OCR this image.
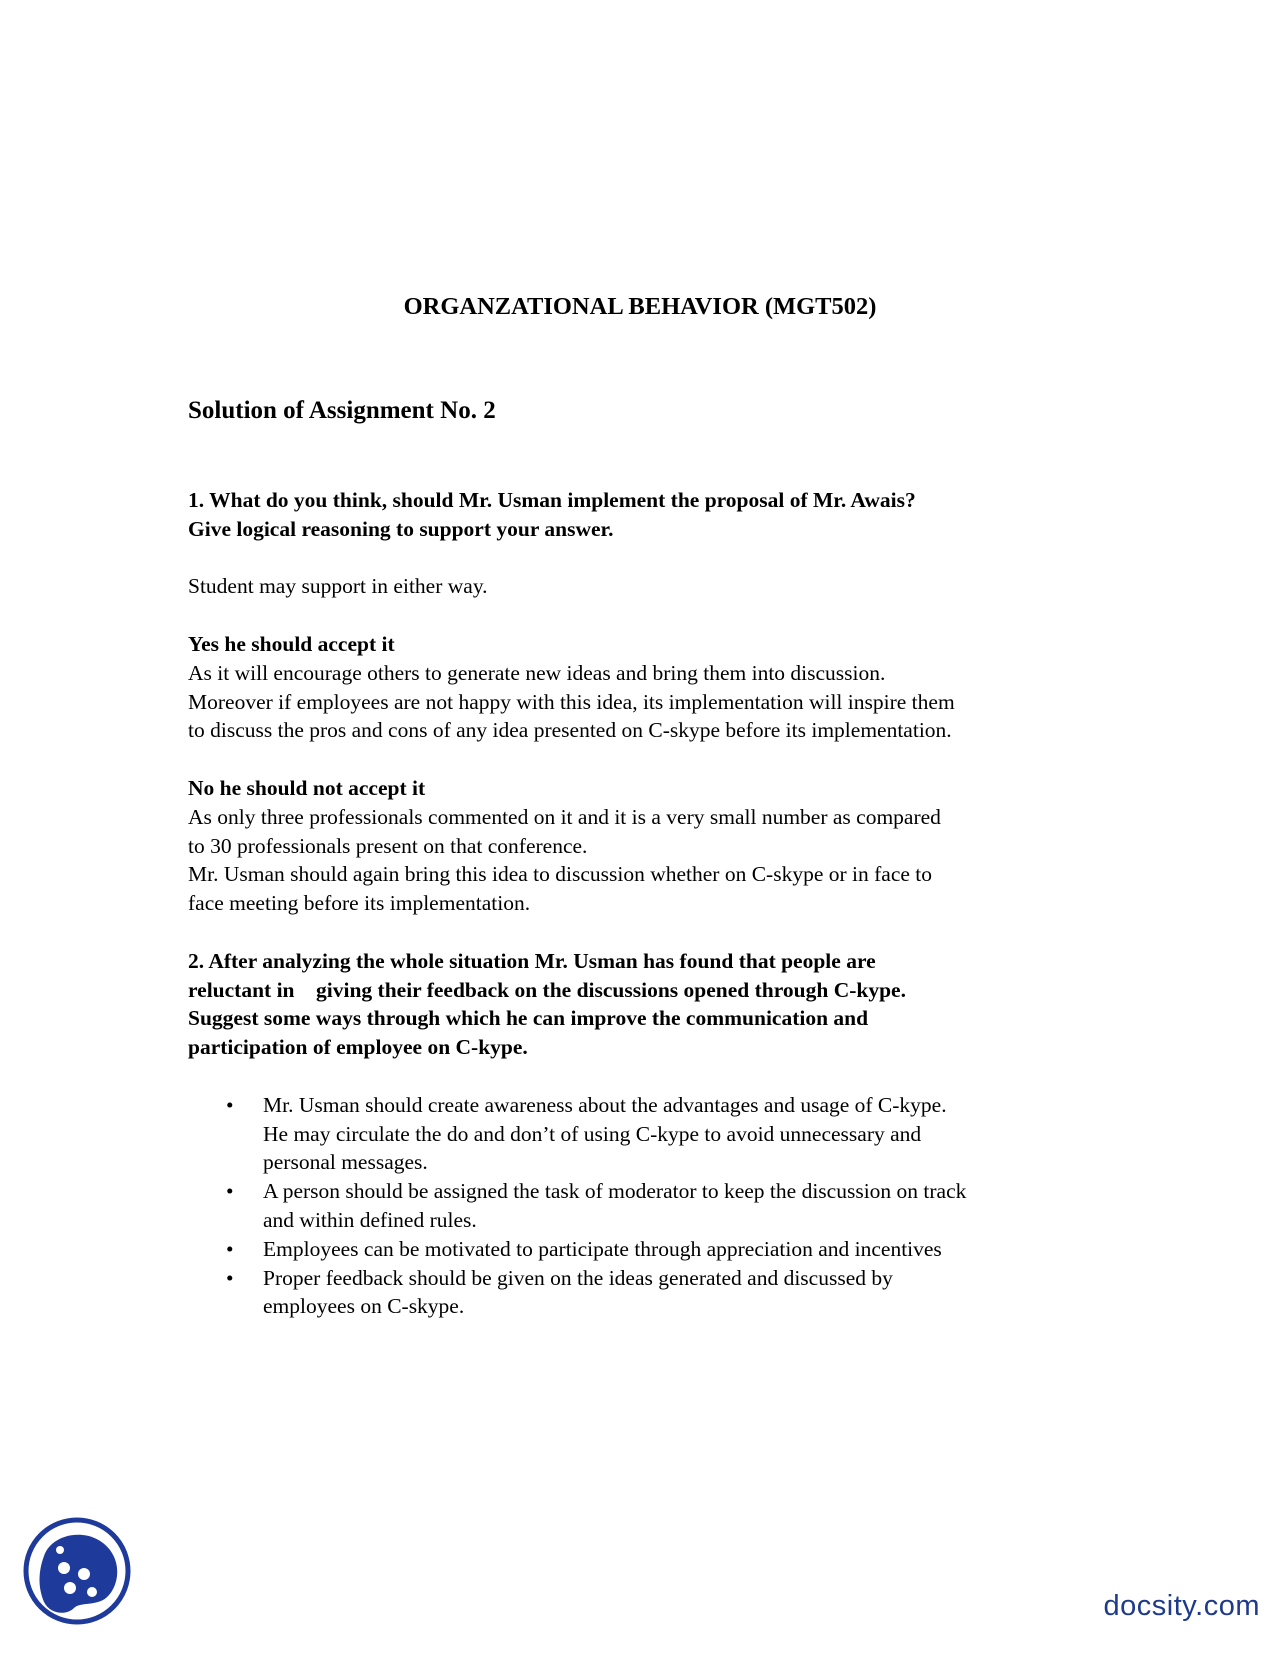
ORGANZATIONAL BEHAVIOR (MGT502)
Solution of Assignment No. 2

1. What do you think, should Mr. Usman implement the proposal of Mr. Awais?

Give logical reasoning to support your answer.

Student may support in either way.

Yes he should accept it

As it will encourage others to generate new ideas and bring them into discussion.

Moreover if employees are not happy with this idea, its implementation will inspire them

to discuss the pros and cons of any idea presented on C-skype before its implementation.

No he should not accept it

As only three professionals commented on it and it is a very small number as compared

to 30 professionals present on that conference.

Mr. Usman should again bring this idea to discussion whether on C-skype or in face to

face meeting before its implementation.

2. After analyzing the whole situation Mr. Usman has found that people are

reluctant in    giving their feedback on the discussions opened through C-kype.

Suggest some ways through which he can improve the communication and

participation of employee on C-kype.

• Mr. Usman should create awareness about the advantages and usage of C-kype.

He may circulate the do and don’t of using C-kype to avoid unnecessary and

personal messages.

• A person should be assigned the task of moderator to keep the discussion on track

and within defined rules.

• Employees can be motivated to participate through appreciation and incentives

• Proper feedback should be given on the ideas generated and discussed by

employees on C-skype.

docsity.com
